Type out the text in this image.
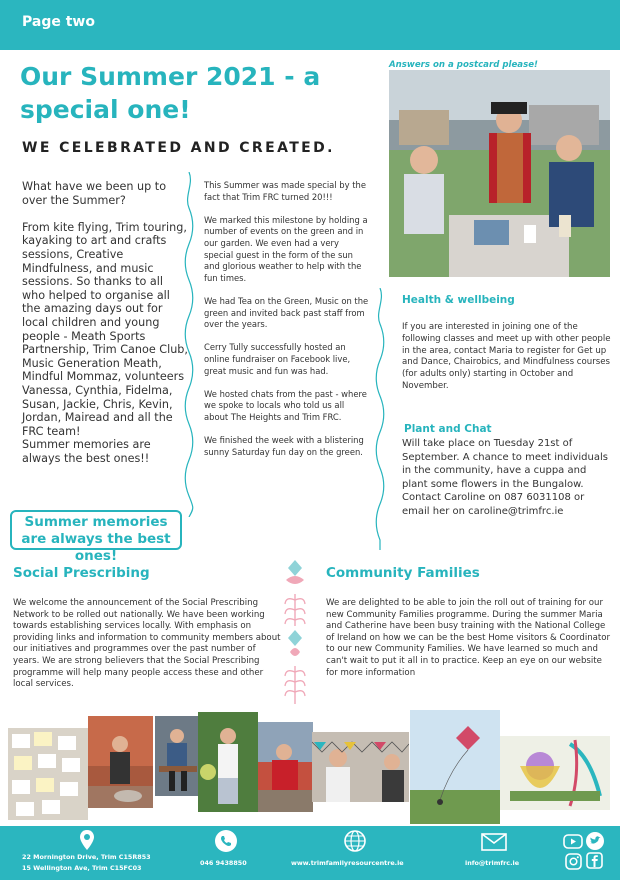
Page two
Our Summer 2021 - a special one!
WE CELEBRATED AND CREATED.

What have we been up to over the Summer?

From kite flying, Trim touring, kayaking to art and crafts sessions, Creative Mindfulness, and music sessions. So thanks to all who helped to organise all the amazing days out for local children and young people - Meath Sports Partnership, Trim Canoe Club, Music Generation Meath, Mindful Mommaz, volunteers Vanessa, Cynthia, Fidelma, Susan, Jackie, Chris, Kevin, Jordan, Mairead and all the FRC team!

Summer memories are always the best ones!!

This Summer was made special by the fact that Trim FRC turned 20!!!

We marked this milestone by holding a number of events on the green and in our garden. We even had a very special guest in the form of the sun and glorious weather to help with the fun times.

We had Tea on the Green, Music on the green and invited back past staff from over the years.

Cerry Tully successfully hosted an online fundraiser on Facebook live, great music and fun was had.

We hosted chats from the past - where we spoke to locals who told us all about The Heights and Trim FRC.

We finished the week with a blistering sunny Saturday fun day on the green.

Summer memories are always the best ones!
Answers on a postcard please!
Health & wellbeing
If you are interested in joining one of the following classes and meet up with other people in the area, contact Maria to register for Get up and Dance, Chairobics, and Mindfulness courses (for adults only) starting in October and November.
Plant and Chat
Will take place on Tuesday 21st of September. A chance to meet individuals in the community, have a cuppa and plant some flowers in the Bungalow. Contact Caroline on 087 6031108 or email her on caroline@trimfrc.ie
Social Prescribing
We welcome the announcement of the Social Prescribing Network to be rolled out nationally. We have been working towards establishing services locally. With emphasis on providing links and information to community members about our initiatives and programmes over the past number of years. We are strong believers that the Social Prescribing programme will help many people access these and other local services.
Community Families
We are delighted to be able to join the roll out of training for our new Community Families programme. During the summer Maria and Catherine have been busy training with the National College of Ireland on how we can be the best Home visitors & Coordinator to our new Community Families. We have learned so much and can't wait to put it all in to practice. Keep an eye on our website for more information
22 Mornington Drive, Trim C15R853
15 Wellington Ave, Trim C15FC03
046 9438850	www.trimfamilyresourcentre.ie	info@trimfrc.ie
